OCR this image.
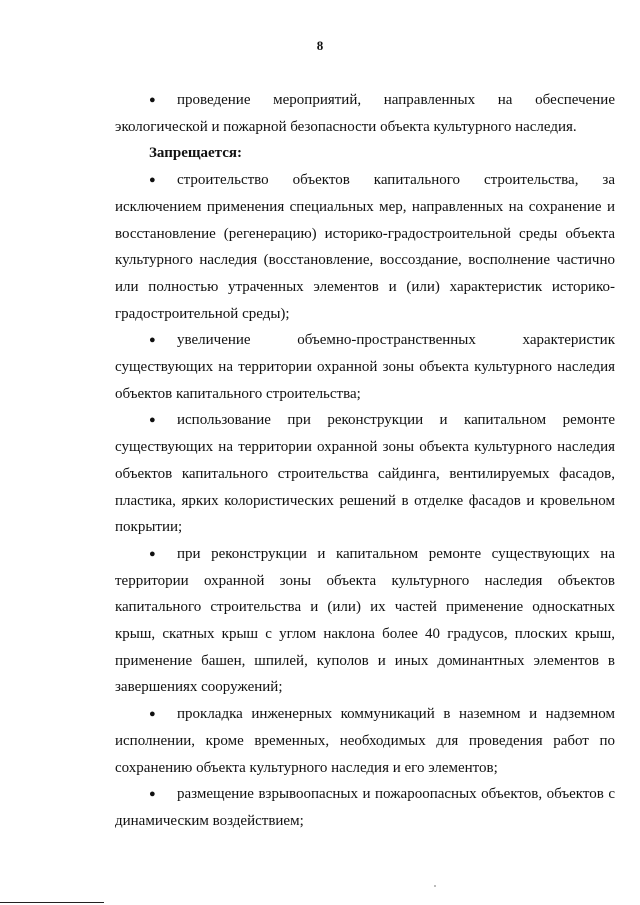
8

● проведение мероприятий, направленных на обеспечение экологической и пожарной безопасности объекта культурного наследия.

Запрещается:

● строительство объектов капитального строительства, за исключением применения специальных мер, направленных на сохранение и восстановление (регенерацию) историко-градостроительной среды объекта культурного наследия (восстановление, воссоздание, восполнение частично или полностью утраченных элементов и (или) характеристик историко-градостроительной среды);

● увеличение объемно-пространственных характеристик существующих на территории охранной зоны объекта культурного наследия объектов капитального строительства;

● использование при реконструкции и капитальном ремонте существующих на территории охранной зоны объекта культурного наследия объектов капитального строительства сайдинга, вентилируемых фасадов, пластика, ярких колористических решений в отделке фасадов и кровельном покрытии;

● при реконструкции и капитальном ремонте существующих на территории охранной зоны объекта культурного наследия объектов капитального строительства и (или) их частей применение односкатных крыш, скатных крыш с углом наклона более 40 градусов, плоских крыш, применение башен, шпилей, куполов и иных доминантных элементов в завершениях сооружений;

● прокладка инженерных коммуникаций в наземном и надземном исполнении, кроме временных, необходимых для проведения работ по сохранению объекта культурного наследия и его элементов;

● размещение взрывоопасных и пожароопасных объектов, объектов с динамическим воздействием;
